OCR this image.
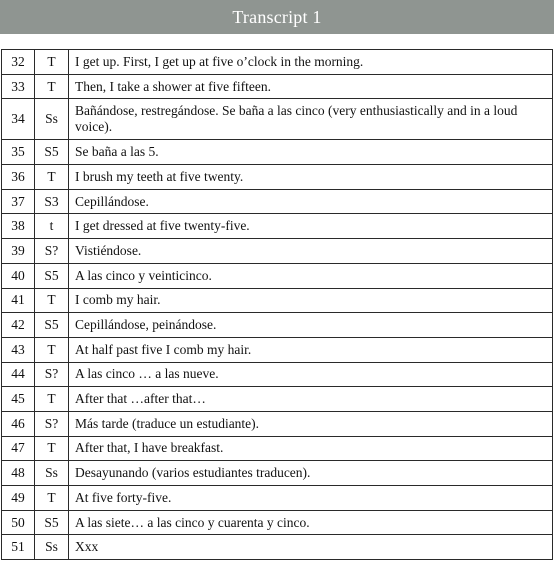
Transcript 1
32	T	I get up. First, I get up at five o’clock in the morning.
33	T	Then, I take a shower at five fifteen.
34	Ss	Bañándose, restregándose. Se baña a las cinco (very enthusiastically and in a loud voice).
35	S5	Se baña a las 5.
36	T	I brush my teeth at five twenty.
37	S3	Cepillándose.
38	t	I get dressed at five twenty-five.
39	S?	Vistiéndose.
40	S5	A las cinco y veinticinco.
41	T	I comb my hair.
42	S5	Cepillándose, peinándose.
43	T	At half past five I comb my hair.
44	S?	A las cinco … a las nueve.
45	T	After that …after that…
46	S?	Más tarde (traduce un estudiante).
47	T	After that, I have breakfast.
48	Ss	Desayunando (varios estudiantes traducen).
49	T	At five forty-five.
50	S5	A las siete… a las cinco y cuarenta y cinco.
51	Ss	Xxx
